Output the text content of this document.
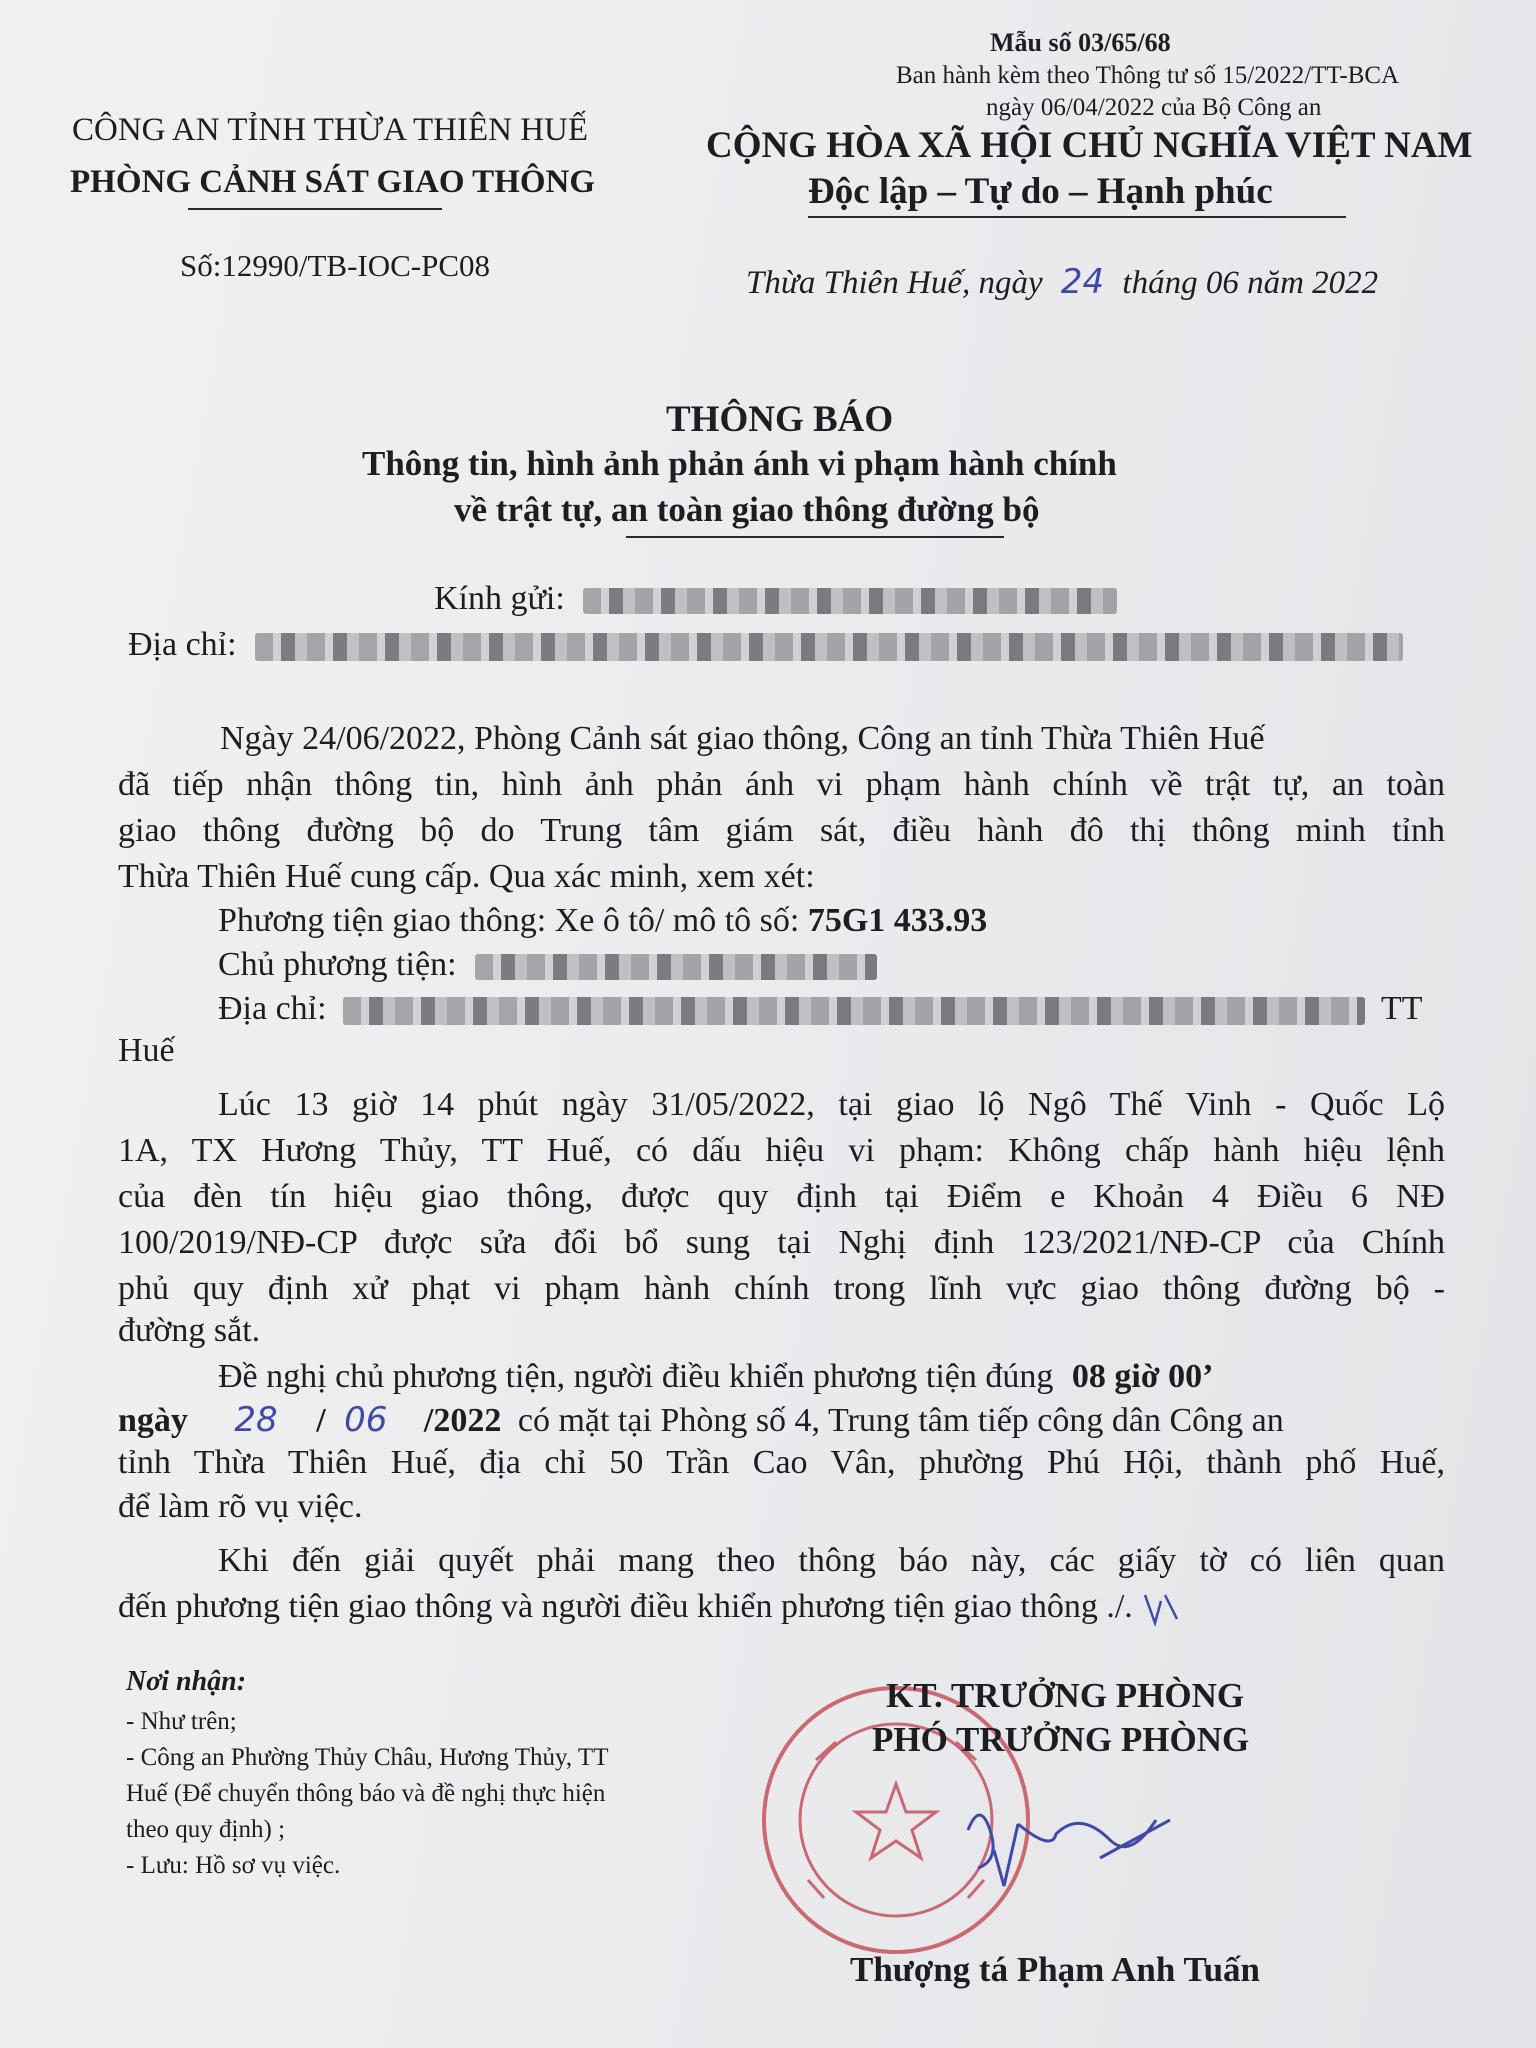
Mẫu số 03/65/68
Ban hành kèm theo Thông tư số 15/2022/TT-BCA
ngày 06/04/2022 của Bộ Công an
CÔNG AN TỈNH THỪA THIÊN HUẾ
PHÒNG CẢNH SÁT GIAO THÔNG
Số:12990/TB-IOC-PC08
CỘNG HÒA XÃ HỘI CHỦ NGHĨA VIỆT NAM
Độc lập – Tự do – Hạnh phúc
Thừa Thiên Huế, ngày 24 tháng 06 năm 2022
THÔNG BÁO
Thông tin, hình ảnh phản ánh vi phạm hành chính
về trật tự, an toàn giao thông đường bộ
Kính gửi:
Địa chỉ:
Ngày 24/06/2022, Phòng Cảnh sát giao thông, Công an tỉnh Thừa Thiên Huế
đã tiếp nhận thông tin, hình ảnh phản ánh vi phạm hành chính về trật tự, an toàn
giao thông đường bộ do Trung tâm giám sát, điều hành đô thị thông minh tỉnh
Thừa Thiên Huế cung cấp. Qua xác minh, xem xét:
Phương tiện giao thông: Xe ô tô/ mô tô số: 75G1 433.93
Chủ phương tiện:
Địa chỉ:	TT
Huế
Lúc 13 giờ 14 phút ngày 31/05/2022, tại giao lộ Ngô Thế Vinh - Quốc Lộ
1A, TX Hương Thủy, TT Huế, có dấu hiệu vi phạm: Không chấp hành hiệu lệnh
của đèn tín hiệu giao thông, được quy định tại Điểm e Khoản 4 Điều 6 NĐ
100/2019/NĐ-CP được sửa đổi bổ sung tại Nghị định 123/2021/NĐ-CP của Chính
phủ quy định xử phạt vi phạm hành chính trong lĩnh vực giao thông đường bộ -
đường sắt.
Đề nghị chủ phương tiện, người điều khiển phương tiện đúng 08 giờ 00’
ngày 28 / 06 /2022 có mặt tại Phòng số 4, Trung tâm tiếp công dân Công an
tỉnh Thừa Thiên Huế, địa chỉ 50 Trần Cao Vân, phường Phú Hội, thành phố Huế,
để làm rõ vụ việc.
Khi đến giải quyết phải mang theo thông báo này, các giấy tờ có liên quan
đến phương tiện giao thông và người điều khiển phương tiện giao thông ./.
Nơi nhận:
- Như trên;
- Công an Phường Thủy Châu, Hương Thủy, TT
Huế (Để chuyển thông báo và đề nghị thực hiện
theo quy định) ;
- Lưu: Hồ sơ vụ việc.
KT. TRƯỞNG PHÒNG
PHÓ TRƯỞNG PHÒNG
Thượng tá Phạm Anh Tuấn
